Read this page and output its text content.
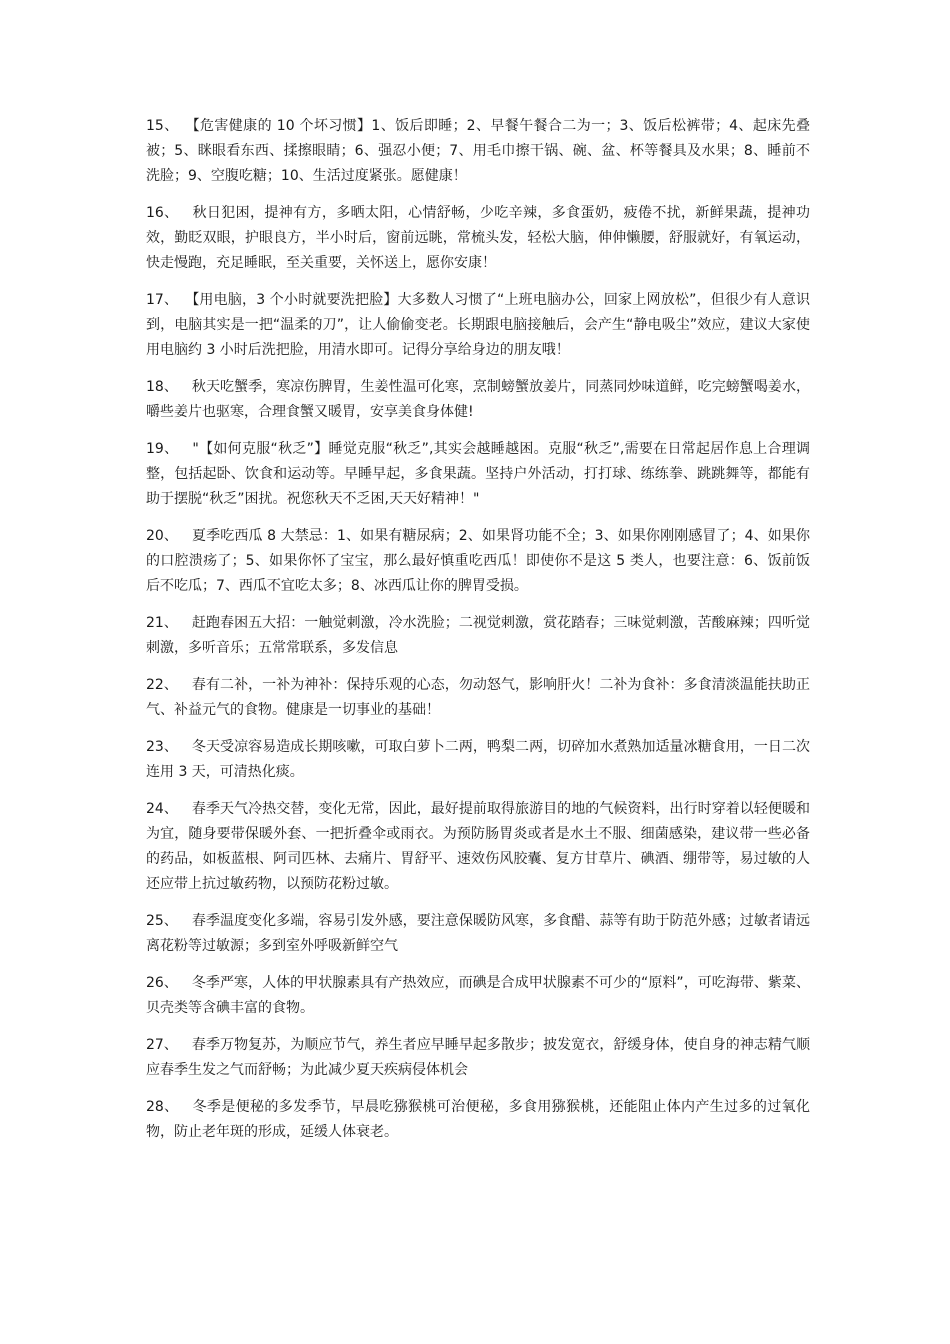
15、 【危害健康的 10 个坏习惯】1、饭后即睡；2、早餐午餐合二为一；3、饭后松裤带；4、起床先叠被；5、眯眼看东西、揉擦眼睛；6、强忍小便；7、用毛巾擦干锅、碗、盆、杯等餐具及水果；8、睡前不洗脸；9、空腹吃糖；10、生活过度紧张。愿健康！

16、 秋日犯困，提神有方，多晒太阳，心情舒畅，少吃辛辣，多食蛋奶，疲倦不扰，新鲜果蔬，提神功效，勤眨双眼，护眼良方，半小时后，窗前远眺，常梳头发，轻松大脑，伸伸懒腰，舒服就好，有氧运动，快走慢跑，充足睡眠，至关重要，关怀送上，愿你安康！

17、 【用电脑，3 个小时就要洗把脸】大多数人习惯了“上班电脑办公，回家上网放松”，但很少有人意识到，电脑其实是一把“温柔的刀”，让人偷偷变老。长期跟电脑接触后，会产生“静电吸尘”效应，建议大家使用电脑约 3 小时后洗把脸，用清水即可。记得分享给身边的朋友哦！

18、 秋天吃蟹季，寒凉伤脾胃，生姜性温可化寒，烹制螃蟹放姜片，同蒸同炒味道鲜，吃完螃蟹喝姜水，嚼些姜片也驱寒，合理食蟹又暖胃，安享美食身体健!

19、 "【如何克服“秋乏”】睡觉克服“秋乏”,其实会越睡越困。克服“秋乏”,需要在日常起居作息上合理调整，包括起卧、饮食和运动等。早睡早起，多食果蔬。坚持户外活动，打打球、练练拳、跳跳舞等，都能有助于摆脱“秋乏”困扰。祝您秋天不乏困,天天好精神！"

20、 夏季吃西瓜 8 大禁忌：1、如果有糖尿病；2、如果肾功能不全；3、如果你刚刚感冒了；4、如果你的口腔溃疡了；5、如果你怀了宝宝，那么最好慎重吃西瓜！即使你不是这 5 类人，也要注意：6、饭前饭后不吃瓜；7、西瓜不宜吃太多；8、冰西瓜让你的脾胃受损。

21、 赶跑春困五大招：一触觉刺激，冷水洗脸；二视觉刺激，赏花踏春；三味觉刺激，苦酸麻辣；四听觉刺激，多听音乐；五常常联系，多发信息

22、 春有二补，一补为神补：保持乐观的心态，勿动怒气，影响肝火！二补为食补：多食清淡温能扶助正气、补益元气的食物。健康是一切事业的基础！

23、 冬天受凉容易造成长期咳嗽，可取白萝卜二两，鸭梨二两，切碎加水煮熟加适量冰糖食用，一日二次连用 3 天，可清热化痰。

24、 春季天气冷热交替，变化无常，因此，最好提前取得旅游目的地的气候资料，出行时穿着以轻便暖和为宜，随身要带保暖外套、一把折叠伞或雨衣。为预防肠胃炎或者是水土不服、细菌感染，建议带一些必备的药品，如板蓝根、阿司匹林、去痛片、胃舒平、速效伤风胶囊、复方甘草片、碘酒、绷带等，易过敏的人还应带上抗过敏药物，以预防花粉过敏。

25、 春季温度变化多端，容易引发外感，要注意保暖防风寒，多食醋、蒜等有助于防范外感；过敏者请远离花粉等过敏源；多到室外呼吸新鲜空气

26、 冬季严寒，人体的甲状腺素具有产热效应，而碘是合成甲状腺素不可少的“原料”，可吃海带、紫菜、贝壳类等含碘丰富的食物。

27、 春季万物复苏，为顺应节气，养生者应早睡早起多散步；披发宽衣，舒缓身体，使自身的神志精气顺应春季生发之气而舒畅；为此减少夏天疾病侵体机会

28、 冬季是便秘的多发季节，早晨吃猕猴桃可治便秘，多食用猕猴桃，还能阻止体内产生过多的过氧化物，防止老年斑的形成，延缓人体衰老。
